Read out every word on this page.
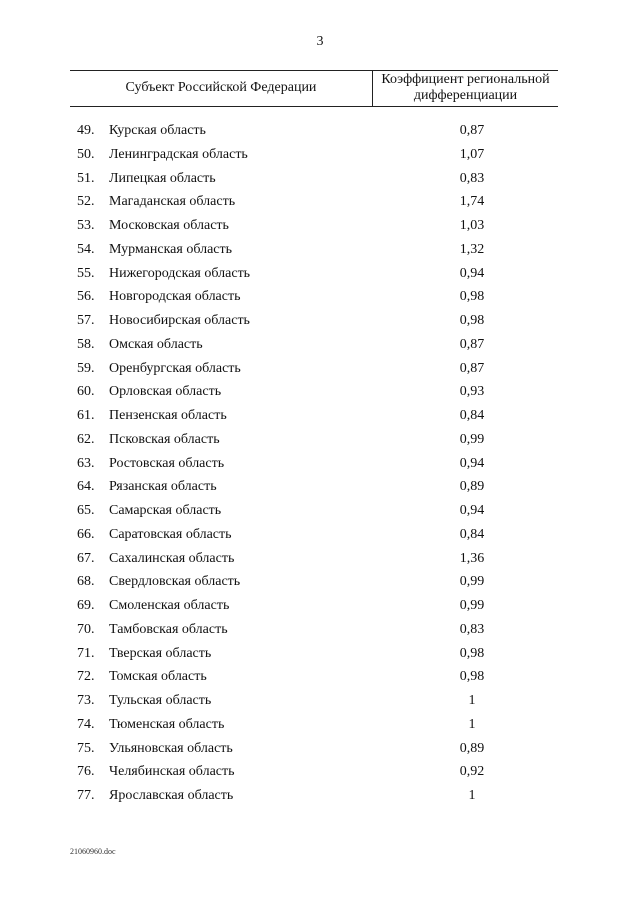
3
Субъект Российской Федерации
Коэффициент региональной
дифференциации
49. Курская область	0,87
50. Ленинградская область	1,07
51. Липецкая область	0,83
52. Магаданская область	1,74
53. Московская область	1,03
54. Мурманская область	1,32
55. Нижегородская область	0,94
56. Новгородская область	0,98
57. Новосибирская область	0,98
58. Омская область	0,87
59. Оренбургская область	0,87
60. Орловская область	0,93
61. Пензенская область	0,84
62. Псковская область	0,99
63. Ростовская область	0,94
64. Рязанская область	0,89
65. Самарская область	0,94
66. Саратовская область	0,84
67. Сахалинская область	1,36
68. Свердловская область	0,99
69. Смоленская область	0,99
70. Тамбовская область	0,83
71. Тверская область	0,98
72. Томская область	0,98
73. Тульская область	1
74. Тюменская область	1
75. Ульяновская область	0,89
76. Челябинская область	0,92
77. Ярославская область	1
21060960.doc
